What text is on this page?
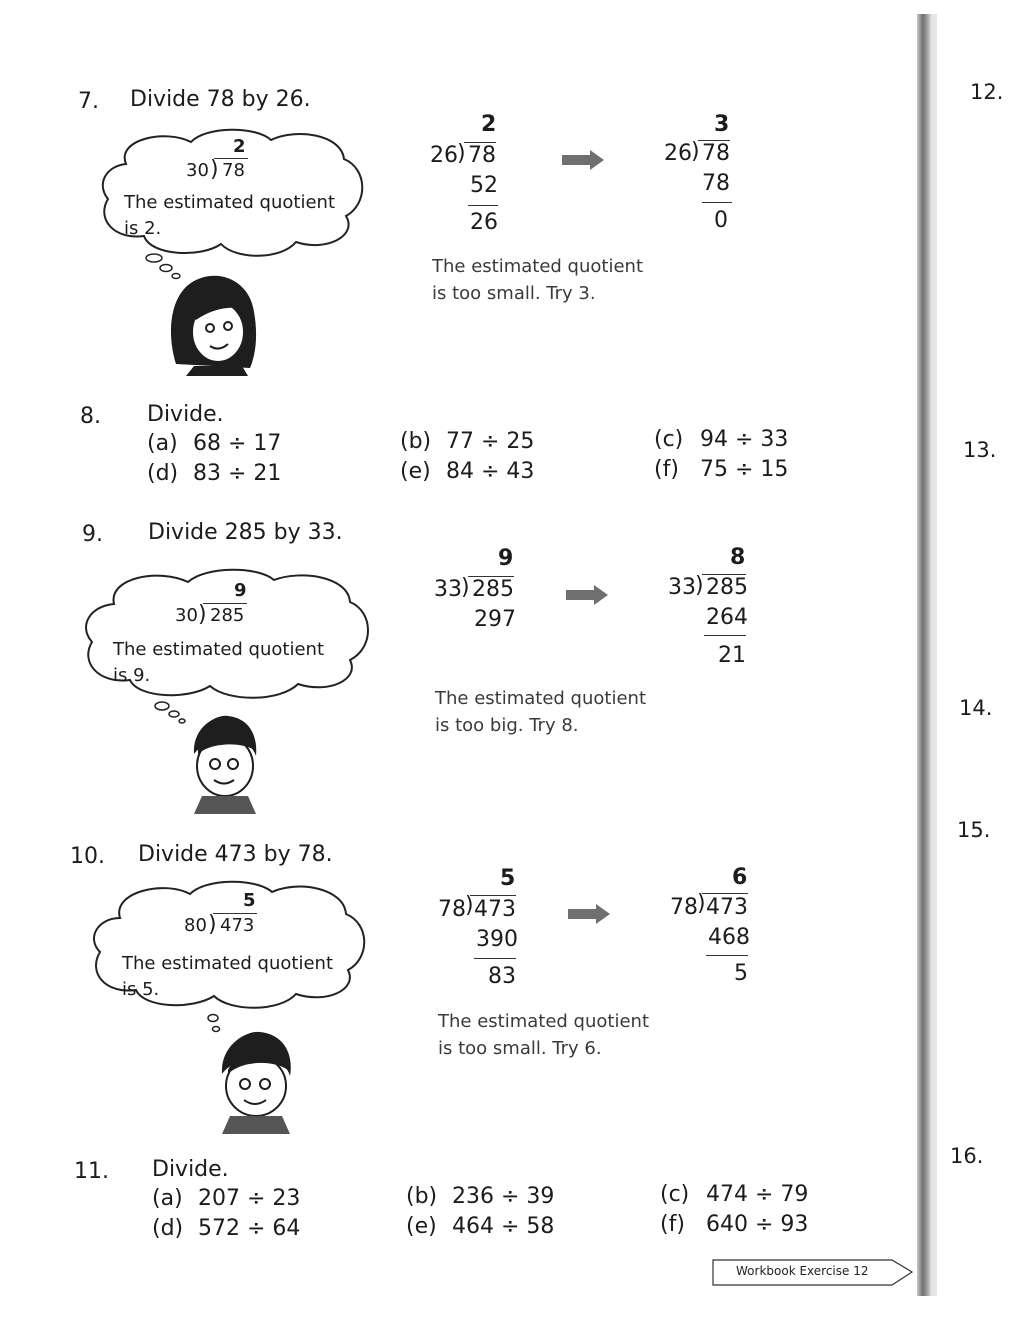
12.
13.
14.
15.
16.
7. Divide 78 by 26.
2
30 ) 78
The estimated quotient
is 2.
2
26 ) 78
52
26
3
26 ) 78
78
0
The estimated quotient
is too small. Try 3.
8. Divide.
(a) 68 ÷ 17	(b) 77 ÷ 25	(c) 94 ÷ 33
(d) 83 ÷ 21	(e) 84 ÷ 43	(f) 75 ÷ 15
9. Divide 285 by 33.
9
30 ) 285
The estimated quotient
is 9.
9
33 ) 285
297
8
33 ) 285
264
21
The estimated quotient
is too big. Try 8.
10. Divide 473 by 78.
5
80 ) 473
The estimated quotient
is 5.
5
78 ) 473
390
83
6
78 ) 473
468
5
The estimated quotient
is too small. Try 6.
11. Divide.
(a) 207 ÷ 23	(b) 236 ÷ 39	(c) 474 ÷ 79
(d) 572 ÷ 64	(e) 464 ÷ 58	(f) 640 ÷ 93
Workbook Exercise 12
